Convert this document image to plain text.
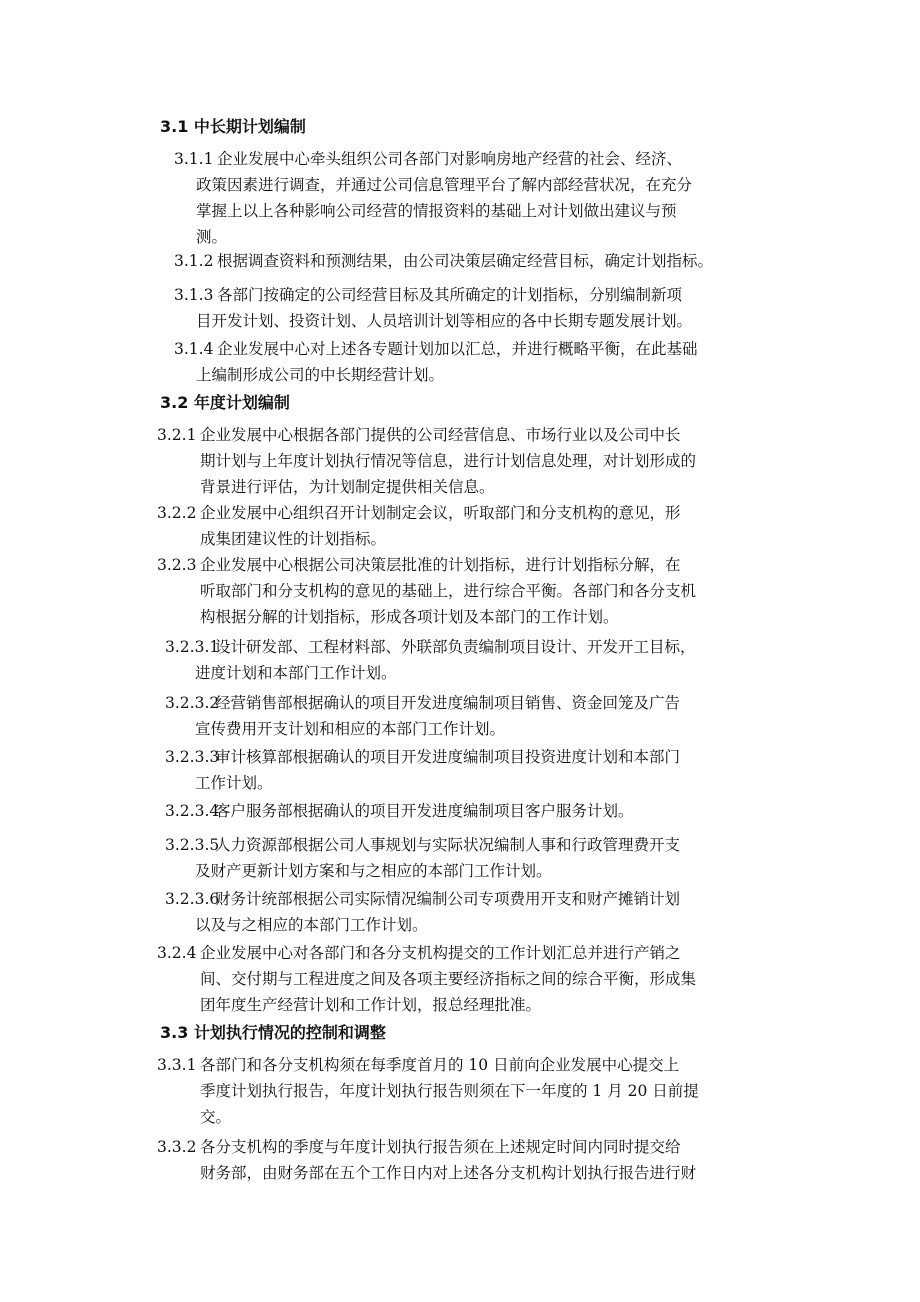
3.1 中长期计划编制
3.1.1 企业发展中心牵头组织公司各部门对影响房地产经营的社会、经济、
政策因素进行调查，并通过公司信息管理平台了解内部经营状况，在充分
掌握上以上各种影响公司经营的情报资料的基础上对计划做出建议与预
测。
3.1.2 根据调查资料和预测结果，由公司决策层确定经营目标，确定计划指标。
3.1.3 各部门按确定的公司经营目标及其所确定的计划指标，分别编制新项
目开发计划、投资计划、人员培训计划等相应的各中长期专题发展计划。
3.1.4 企业发展中心对上述各专题计划加以汇总，并进行概略平衡，在此基础
上编制形成公司的中长期经营计划。
3.2 年度计划编制
3.2.1 企业发展中心根据各部门提供的公司经营信息、市场行业以及公司中长
期计划与上年度计划执行情况等信息，进行计划信息处理，对计划形成的
背景进行评估，为计划制定提供相关信息。
3.2.2 企业发展中心组织召开计划制定会议，听取部门和分支机构的意见，形
成集团建议性的计划指标。
3.2.3 企业发展中心根据公司决策层批准的计划指标，进行计划指标分解，在
听取部门和分支机构的意见的基础上，进行综合平衡。各部门和各分支机
构根据分解的计划指标，形成各项计划及本部门的工作计划。
3.2.3.1
设计研发部、工程材料部、外联部负责编制项目设计、开发开工目标，
进度计划和本部门工作计划。
3.2.3.2
经营销售部根据确认的项目开发进度编制项目销售、资金回笼及广告
宣传费用开支计划和相应的本部门工作计划。
3.2.3.3
审计核算部根据确认的项目开发进度编制项目投资进度计划和本部门
工作计划。
3.2.3.4
客户服务部根据确认的项目开发进度编制项目客户服务计划。
3.2.3.5
人力资源部根据公司人事规划与实际状况编制人事和行政管理费开支
及财产更新计划方案和与之相应的本部门工作计划。
3.2.3.6
财务计统部根据公司实际情况编制公司专项费用开支和财产摊销计划
以及与之相应的本部门工作计划。
3.2.4 企业发展中心对各部门和各分支机构提交的工作计划汇总并进行产销之
间、交付期与工程进度之间及各项主要经济指标之间的综合平衡，形成集
团年度生产经营计划和工作计划，报总经理批准。
3.3 计划执行情况的控制和调整
3.3.1 各部门和各分支机构须在每季度首月的 10 日前向企业发展中心提交上
季度计划执行报告，年度计划执行报告则须在下一年度的 1 月 20 日前提
交。
3.3.2 各分支机构的季度与年度计划执行报告须在上述规定时间内同时提交给
财务部，由财务部在五个工作日内对上述各分支机构计划执行报告进行财
